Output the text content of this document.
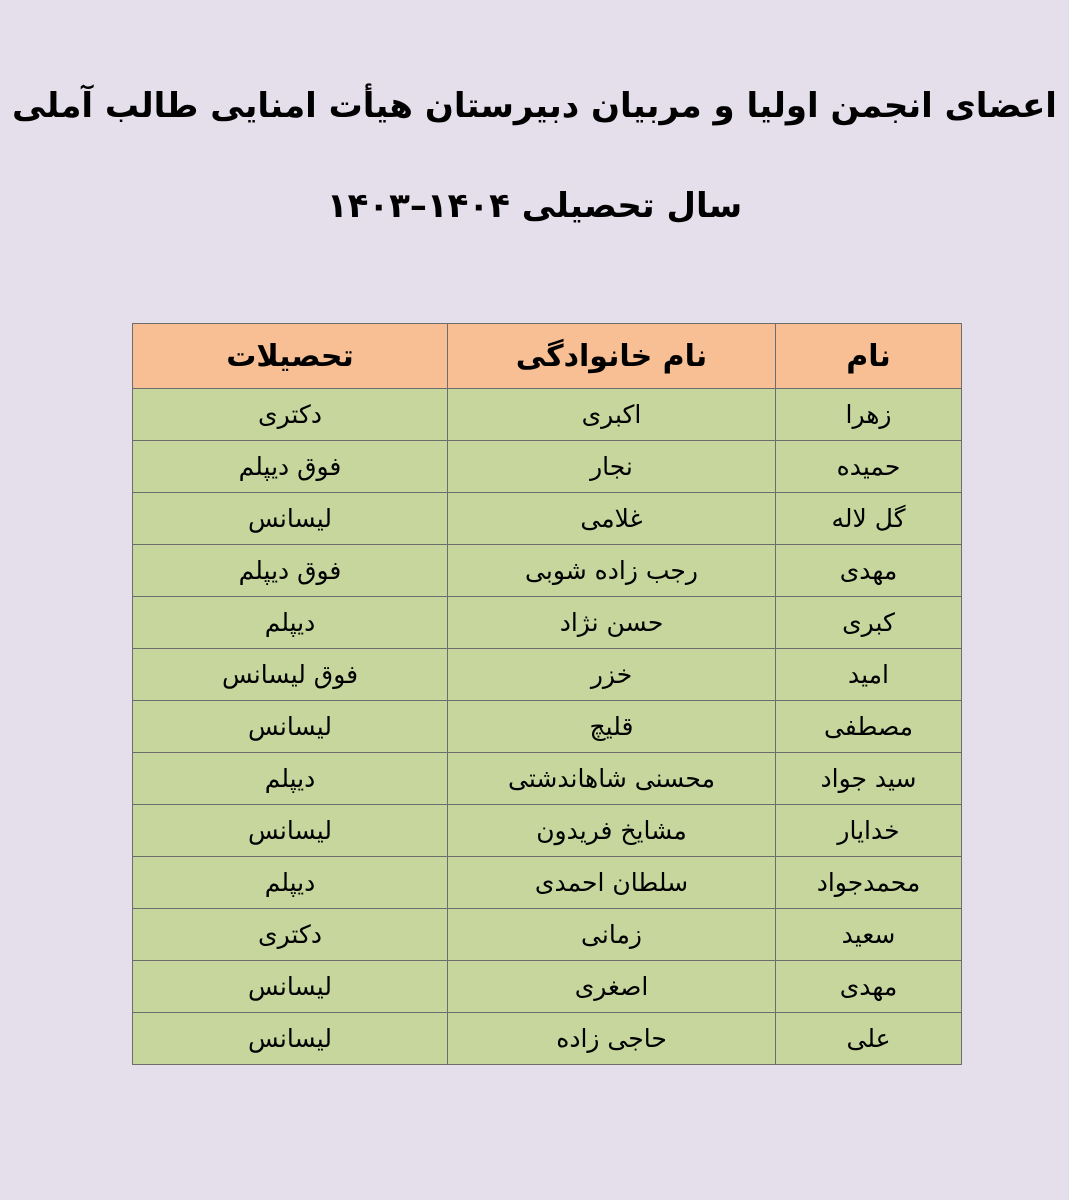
اعضای انجمن اولیا و مربیان دبیرستان هیأت امنایی طالب آملی
سال تحصیلی ۱۴۰۴–۱۴۰۳
نام	نام خانوادگی	تحصیلات
زهرا	اکبری	دکتری
حمیده	نجار	فوق دیپلم
گل لاله	غلامی	لیسانس
مهدی	رجب زاده شوبی	فوق دیپلم
کبری	حسن نژاد	دیپلم
امید	خزر	فوق لیسانس
مصطفی	قلیچ	لیسانس
سید جواد	محسنی شاهاندشتی	دیپلم
خدایار	مشایخ فریدون	لیسانس
محمدجواد	سلطان احمدی	دیپلم
سعید	زمانی	دکتری
مهدی	اصغری	لیسانس
علی	حاجی زاده	لیسانس
